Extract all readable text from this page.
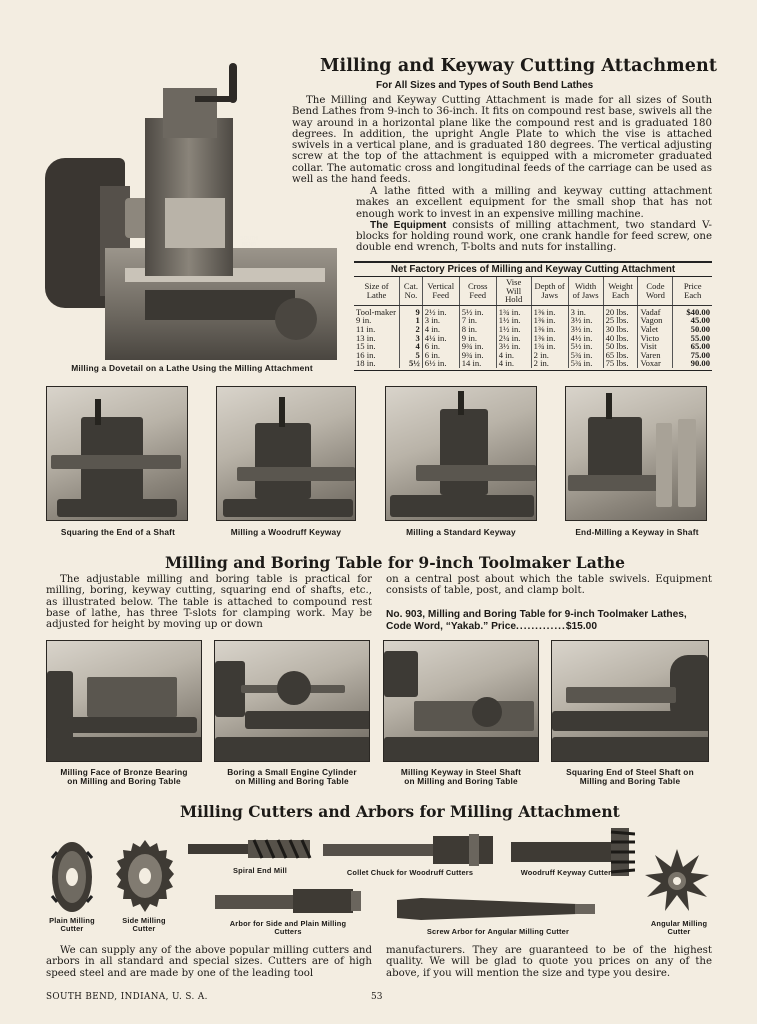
SOUTH BEND
Milling a Dovetail on a Lathe Using the Milling Attachment
Milling and Keyway Cutting Attachment
For All Sizes and Types of South Bend Lathes

The Milling and Keyway Cutting Attachment is made for all sizes of South Bend Lathes from 9-inch to 36-inch. It fits on compound rest base, swivels all the way around in a horizontal plane like the compound rest and is graduated 180 degrees. In addition, the upright Angle Plate to which the vise is attached swivels in a vertical plane, and is graduated 180 degrees. The vertical adjusting screw at the top of the attachment is equipped with a micrometer graduated collar. The automatic cross and longitudinal feeds of the carriage can be used as well as the hand feeds.

A lathe fitted with a milling and keyway cutting attachment makes an excellent equipment for the small shop that has not enough work to invest in an expensive milling machine.

The Equipment consists of milling attachment, two standard V-blocks for holding round work, one crank handle for feed screw, one double end wrench, T-bolts and nuts for installing.

Net Factory Prices of Milling and Keyway Cutting Attachment
Size of Lathe	Cat. No.	Vertical Feed	Cross Feed	Vise Will Hold	Depth of Jaws	Width of Jaws	Weight Each	Code Word	Price Each
Tool-maker	9	2½ in.	5½ in.	1¾ in.	1⅜ in.	3 in.	20 lbs.	Vadaf	$40.00
9 in.	1	3 in.	7 in.	1½ in.	1⅜ in.	3½ in.	25 lbs.	Vagon	45.00
11 in.	2	4 in.	8 in.	1½ in.	1⅜ in.	3½ in.	30 lbs.	Valet	50.00
13 in.	3	4¼ in.	9 in.	2¼ in.	1⅜ in.	4½ in.	40 lbs.	Victo	55.00
15 in.	4	6 in.	9¾ in.	3½ in.	1¾ in.	5½ in.	50 lbs.	Visit	65.00
16 in.	5	6 in.	9¾ in.	4 in.	2 in.	5¾ in.	65 lbs.	Varen	75.00
18 in.	5½	6½ in.	14 in.	4 in.	2 in.	5¾ in.	75 lbs.	Voxar	90.00
Squaring the End of a Shaft	Milling a Woodruff Keyway	Milling a Standard Keyway	End-Milling a Keyway in Shaft
Milling and Boring Table for 9-inch Toolmaker Lathe

The adjustable milling and boring table is practical for milling, boring, keyway cutting, squaring end of shafts, etc., as illustrated below. The table is attached to compound rest base of lathe, has three T-slots for clamping work. May be adjusted for height by moving up or down

on a central post about which the table swivels. Equipment consists of table, post, and clamp bolt.

No. 903, Milling and Boring Table for 9-inch Toolmaker Lathes, Code Word, “Yakab.” Price.............$15.00
Milling Face of Bronze Bearing
on Milling and Boring Table
Boring a Small Engine Cylinder
on Milling and Boring Table
Milling Keyway in Steel Shaft
on Milling and Boring Table
Squaring End of Steel Shaft on
Milling and Boring Table
Milling Cutters and Arbors for Milling Attachment
Plain Milling
Cutter
Side Milling
Cutter
Spiral End Mill	Collet Chuck for Woodruff Cutters	Woodruff Keyway Cutter
Angular Milling
Cutter
Arbor for Side and Plain Milling
Cutters	Screw Arbor for Angular Milling Cutter

We can supply any of the above popular milling cutters and arbors in all standard and special sizes. Cutters are of high speed steel and are made by one of the leading tool

manufacturers. They are guaranteed to be of the highest quality. We will be glad to quote you prices on any of the above, if you will mention the size and type you desire.

SOUTH BEND, INDIANA, U. S. A.	53
